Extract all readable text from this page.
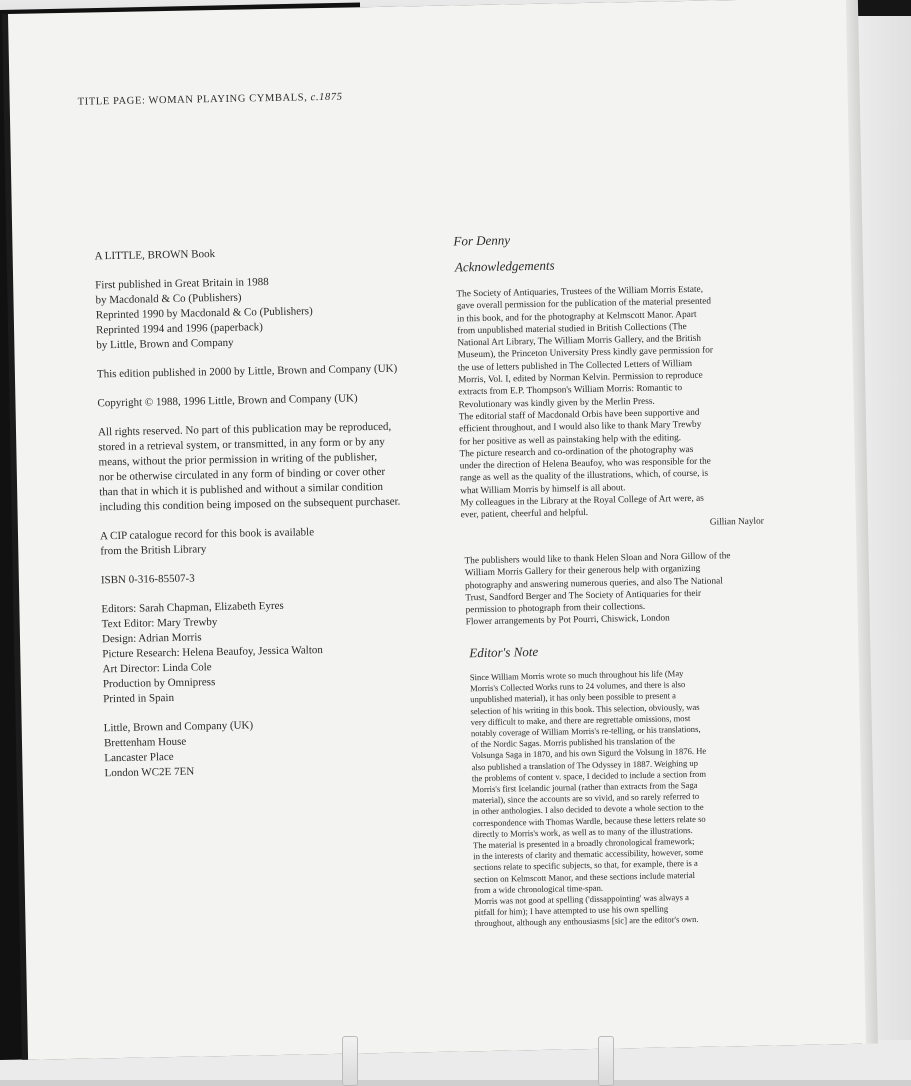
TITLE PAGE: WOMAN PLAYING CYMBALS, c.1875
A LITTLE, BROWN Book
First published in Great Britain in 1988
by Macdonald & Co (Publishers)
Reprinted 1990 by Macdonald & Co (Publishers)
Reprinted 1994 and 1996 (paperback)
by Little, Brown and Company
This edition published in 2000 by Little, Brown and Company (UK)
Copyright © 1988, 1996 Little, Brown and Company (UK)
All rights reserved. No part of this publication may be reproduced,
stored in a retrieval system, or transmitted, in any form or by any
means, without the prior permission in writing of the publisher,
nor be otherwise circulated in any form of binding or cover other
than that in which it is published and without a similar condition
including this condition being imposed on the subsequent purchaser.
A CIP catalogue record for this book is available
from the British Library
ISBN 0-316-85507-3
Editors: Sarah Chapman, Elizabeth Eyres
Text Editor: Mary Trewby
Design: Adrian Morris
Picture Research: Helena Beaufoy, Jessica Walton
Art Director: Linda Cole
Production by Omnipress
Printed in Spain
Little, Brown and Company (UK)
Brettenham House
Lancaster Place
London WC2E 7EN
For Denny
Acknowledgements
The Society of Antiquaries, Trustees of the William Morris Estate,
gave overall permission for the publication of the material presented
in this book, and for the photography at Kelmscott Manor. Apart
from unpublished material studied in British Collections (The
National Art Library, The William Morris Gallery, and the British
Museum), the Princeton University Press kindly gave permission for
the use of letters published in The Collected Letters of William
Morris, Vol. I, edited by Norman Kelvin. Permission to reproduce
extracts from E.P. Thompson's William Morris: Romantic to
Revolutionary was kindly given by the Merlin Press.
The editorial staff of Macdonald Orbis have been supportive and
efficient throughout, and I would also like to thank Mary Trewby
for her positive as well as painstaking help with the editing.
The picture research and co-ordination of the photography was
under the direction of Helena Beaufoy, who was responsible for the
range as well as the quality of the illustrations, which, of course, is
what William Morris by himself is all about.
My colleagues in the Library at the Royal College of Art were, as
ever, patient, cheerful and helpful.
Gillian Naylor
The publishers would like to thank Helen Sloan and Nora Gillow of the
William Morris Gallery for their generous help with organizing
photography and answering numerous queries, and also The National
Trust, Sandford Berger and The Society of Antiquaries for their
permission to photograph from their collections.
Flower arrangements by Pot Pourri, Chiswick, London
Editor's Note
Since William Morris wrote so much throughout his life (May
Morris's Collected Works runs to 24 volumes, and there is also
unpublished material), it has only been possible to present a
selection of his writing in this book. This selection, obviously, was
very difficult to make, and there are regrettable omissions, most
notably coverage of William Morris's re-telling, or his translations,
of the Nordic Sagas. Morris published his translation of the
Volsunga Saga in 1870, and his own Sigurd the Volsung in 1876. He
also published a translation of The Odyssey in 1887. Weighing up
the problems of content v. space, I decided to include a section from
Morris's first Icelandic journal (rather than extracts from the Saga
material), since the accounts are so vivid, and so rarely referred to
in other anthologies. I also decided to devote a whole section to the
correspondence with Thomas Wardle, because these letters relate so
directly to Morris's work, as well as to many of the illustrations.
The material is presented in a broadly chronological framework;
in the interests of clarity and thematic accessibility, however, some
sections relate to specific subjects, so that, for example, there is a
section on Kelmscott Manor, and these sections include material
from a wide chronological time-span.
Morris was not good at spelling ('dissappointing' was always a
pitfall for him); I have attempted to use his own spelling
throughout, although any enthousiasms [sic] are the editor's own.
